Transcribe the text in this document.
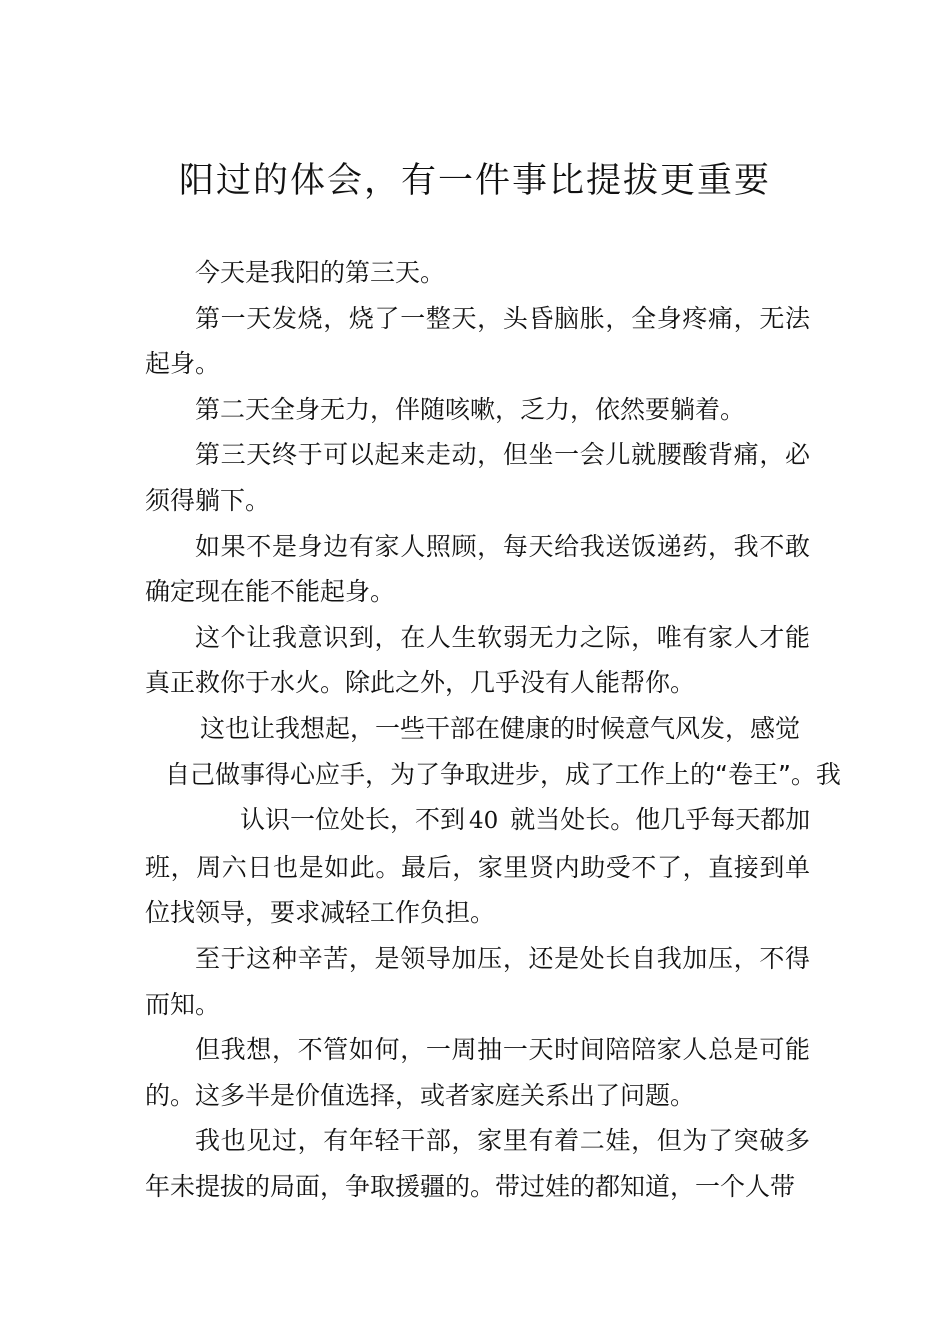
阳过的体会，有一件事比提拔更重要

今天是我阳的第三天。

第一天发烧，烧了一整天，头昏脑胀，全身疼痛，无法起身。

第二天全身无力，伴随咳嗽，乏力，依然要躺着。

第三天终于可以起来走动，但坐一会儿就腰酸背痛，必须得躺下。

如果不是身边有家人照顾，每天给我送饭递药，我不敢确定现在能不能起身。

这个让我意识到，在人生软弱无力之际，唯有家人才能真正救你于水火。除此之外，几乎没有人能帮你。

这也让我想起，一些干部在健康的时候意气风发，感觉
自己做事得心应手，为了争取进步，成了工作上的“卷王”。我
认识一位处长，不到 40 就当处长。他几乎每天都加
班，周六日也是如此。最后，家里贤内助受不了，直接到单位找领导，要求减轻工作负担。

至于这种辛苦，是领导加压，还是处长自我加压，不得而知。

但我想，不管如何，一周抽一天时间陪陪家人总是可能的。这多半是价值选择，或者家庭关系出了问题。

我也见过，有年轻干部，家里有着二娃，但为了突破多年未提拔的局面，争取援疆的。带过娃的都知道，一个人带
